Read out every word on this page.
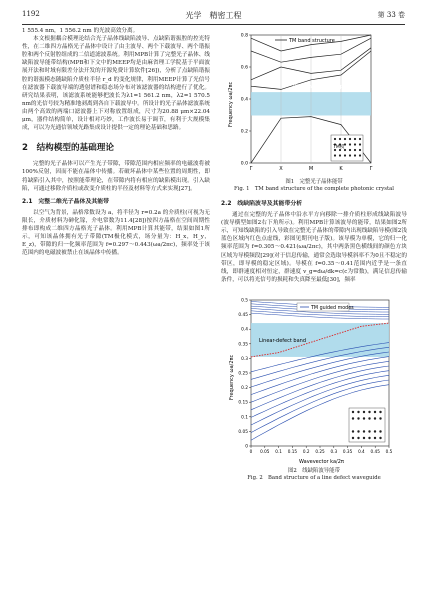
1192	光学　精密工程	第 33 卷

1 555.4 nm，1 556.2 nm 的光波高效分离。

本文根据耦合模理论结合光子晶体线缺陷波导、点缺陷谐振腔的控光特性，在二维四方晶格光子晶体中设计了由主波导、两个下载波导、两个谐振腔和两个反射腔组成的二信道滤波系统。利用MPB计算了完整光子晶体、线缺陷波导能带结构(MPB和下文中的MEEP均是由麻省理工学院基于平面波展开法和时域有限差分法开发的开源免费计算软件[26])，分析了点缺陷谐振腔的谐振模态随缺陷介质柱半径 r_d 的变化规律，利用MEEP计算了光信号在滤波器下载波导端的透射谱和稳态场分布对该滤波器的结构进行了优化。研究结果表明，该滤波系统能够把波长为λ1=1 561.2 nm，λ2=1 570.5 nm的光信号较为精准地剥离到各自下载波导中。所设计的光子晶体滤波系统由两个高效的两端口滤波器上下对称放置组成，尺寸为20.88 μm×22.04 μm，器件结构简单，设计相对巧妙，工作波长易于调节，有利于大规模集成，可以为光通信领域光路集成设计提供一定的理论基础和思路。

2　结构模型的基础理论

完整的光子晶体可以产生光子带隙，带隙范围内相应频率的电磁波将被100%反射，因而不能在晶体中传播。若破坏晶体中某些位置的周期性，即将缺陷引入其中，按照能带理论，在带隙内将有相应的缺陷模出现。引入缺陷，可通过移除介质柱或改变介质柱的半径及材料等方式来实现[27]。

2.1　完整二维光子晶体及其能带

以空气为背景，晶格常数设为 a，将半径为 r=0.2a 的介质柱(可视为无限长，介质材料为砷化镓，介电常数为11.4[28])按四方晶格在空间周期性排布即构成二维四方晶格光子晶体。利用MPB计算其能带，结果如图1所示，可知该晶体拥有光子带隙(TM极化模式，场分量为：H_x，H_y，E_z)，带隙的归一化频率范围为 f=0.297～0.443(ωa/2πc)，频率处于该范围内的电磁波被禁止在该晶体中传播。

0.0
0.2
0.4
0.6
0.8
Γ	X	M	K	Γ
TM band structure
Photonic band gap
TM模
Frequency ωa/2πc
图1　完整光子晶体能带
Fig. 1　TM band structure of the complete photonic crystal
2.2　线缺陷波导及其能带分析

通过在完整的光子晶体中沿水平方向移除一排介质柱形成线缺陷波导(波导横型如图2右下角所示)。利用MPB计算该波导的能带，结果如图2所示，可知线缺陷的引入导致在完整光子晶体的带隙内出现线缺陷导模(图2浅蓝色区域内红色点虚线，彩图见期刊电子版)。该导模为单模，它的归一化频率范围为 f=0.305～0.421(ωa/2πc)，其中两条黑色横线间的颜色方块区域为导模频段[29](对于信息传输，通常会选取导模斜率不为0且不稳定的带区，即导模的稳定区域)。导模在 f=0.35～0.41范围内近乎是一条直线，即群速度相对恒定，群速度 v_g=dω/dk=c(c为常数)，满足信息传输条件，可以将光信号的损耗和失真降至最低[30]，频率

0
0.05
0.1
0.15
0.2
0.25
0.3
0.35
0.4
0.45
0.5
0 0.05 0.1 0.15 0.2 0.25 0.3 0.35 0.4 0.45 0.5
TM guided modes
Linear-defect band
Frequency ωa/2πc
Wavevector ka/2π
图2　线缺陷波导能带
Fig. 2　Band structure of a line defect waveguide
